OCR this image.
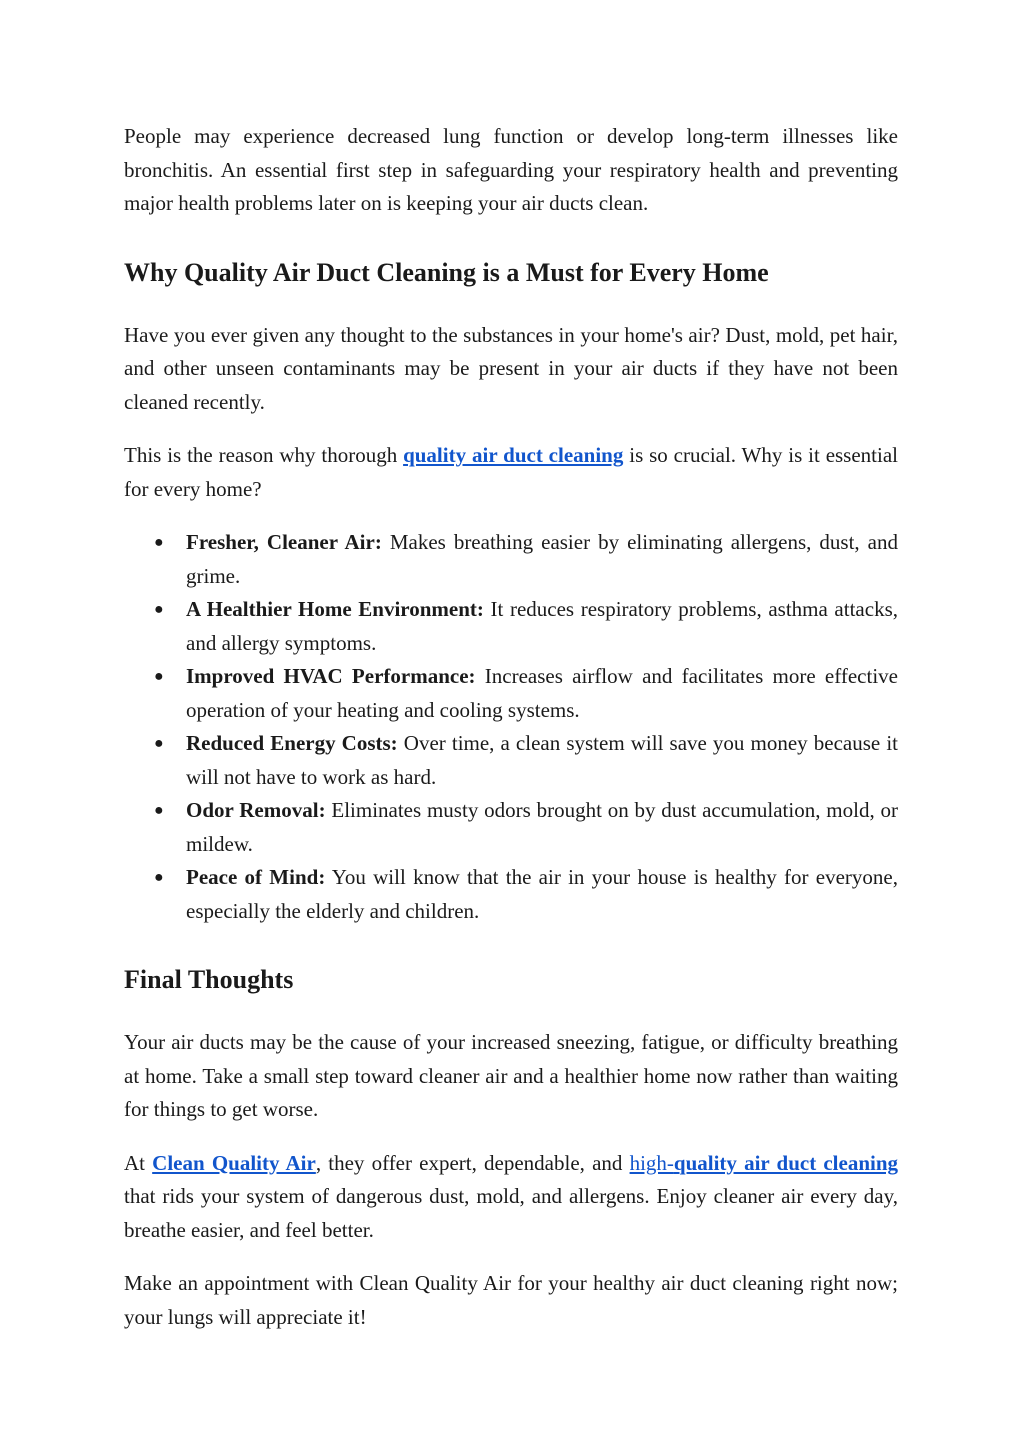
People may experience decreased lung function or develop long-term illnesses like bronchitis. An essential first step in safeguarding your respiratory health and preventing major health problems later on is keeping your air ducts clean.

Why Quality Air Duct Cleaning is a Must for Every Home

Have you ever given any thought to the substances in your home's air? Dust, mold, pet hair, and other unseen contaminants may be present in your air ducts if they have not been cleaned recently.

This is the reason why thorough quality air duct cleaning is so crucial. Why is it essential for every home?

● Fresher, Cleaner Air: Makes breathing easier by eliminating allergens, dust, and grime.
● A Healthier Home Environment: It reduces respiratory problems, asthma attacks, and allergy symptoms.
● Improved HVAC Performance: Increases airflow and facilitates more effective operation of your heating and cooling systems.
● Reduced Energy Costs: Over time, a clean system will save you money because it will not have to work as hard.
● Odor Removal: Eliminates musty odors brought on by dust accumulation, mold, or mildew.
● Peace of Mind: You will know that the air in your house is healthy for everyone, especially the elderly and children.
Final Thoughts

Your air ducts may be the cause of your increased sneezing, fatigue, or difficulty breathing at home. Take a small step toward cleaner air and a healthier home now rather than waiting for things to get worse.

At Clean Quality Air, they offer expert, dependable, and high-quality air duct cleaning that rids your system of dangerous dust, mold, and allergens. Enjoy cleaner air every day, breathe easier, and feel better.

Make an appointment with Clean Quality Air for your healthy air duct cleaning right now; your lungs will appreciate it!
